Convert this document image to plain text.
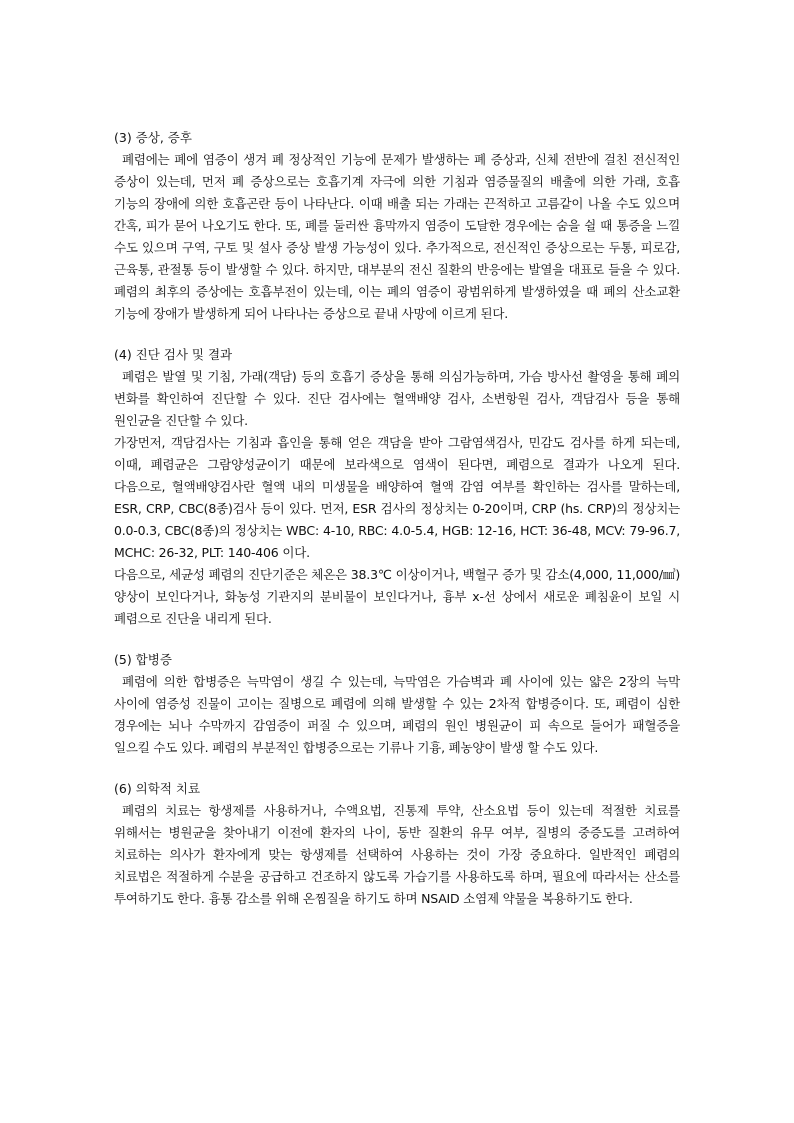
(3) 증상, 증후

폐렴에는 폐에 염증이 생겨 폐 정상적인 기능에 문제가 발생하는 폐 증상과, 신체 전반에 걸친 전신적인 증상이 있는데, 먼저 폐 증상으로는 호흡기계 자극에 의한 기침과 염증물질의 배출에 의한 가래, 호흡 기능의 장애에 의한 호흡곤란 등이 나타난다. 이때 배출 되는 가래는 끈적하고 고름같이 나올 수도 있으며 간혹, 피가 묻어 나오기도 한다. 또, 폐를 둘러싼 흉막까지 염증이 도달한 경우에는 숨을 쉴 때 통증을 느낄 수도 있으며 구역, 구토 및 설사 증상 발생 가능성이 있다. 추가적으로, 전신적인 증상으로는 두통, 피로감, 근육통, 관절통 등이 발생할 수 있다. 하지만, 대부분의 전신 질환의 반응에는 발열을 대표로 들을 수 있다. 폐렴의 최후의 증상에는 호흡부전이 있는데, 이는 폐의 염증이 광범위하게 발생하였을 때 폐의 산소교환 기능에 장애가 발생하게 되어 나타나는 증상으로 끝내 사망에 이르게 된다.

(4) 진단 검사 및 결과

폐렴은 발열 및 기침, 가래(객담) 등의 호흡기 증상을 통해 의심가능하며, 가슴 방사선 촬영을 통해 폐의 변화를 확인하여 진단할 수 있다. 진단 검사에는 혈액배양 검사, 소변항원 검사, 객담검사 등을 통해 원인균을 진단할 수 있다.

가장먼저, 객담검사는 기침과 흡인을 통해 얻은 객담을 받아 그람염색검사, 민감도 검사를 하게 되는데, 이때, 폐렴균은 그람양성균이기 때문에 보라색으로 염색이 된다면, 폐렴으로 결과가 나오게 된다. 다음으로, 혈액배양검사란 혈액 내의 미생물을 배양하여 혈액 감염 여부를 확인하는 검사를 말하는데, ESR, CRP, CBC(8종)검사 등이 있다. 먼저, ESR 검사의 정상치는 0-20이며, CRP (hs. CRP)의 정상치는 0.0-0.3, CBC(8종)의 정상치는 WBC: 4-10, RBC: 4.0-5.4, HGB: 12-16, HCT: 36-48, MCV: 79-96.7, MCHC: 26-32, PLT: 140-406 이다.

다음으로, 세균성 폐렴의 진단기준은 체온은 38.3℃ 이상이거나, 백혈구 증가 및 감소(4,000, 11,000/㎣) 양상이 보인다거나, 화농성 기관지의 분비물이 보인다거나, 흉부 x-선 상에서 새로운 폐침윤이 보일 시 폐렴으로 진단을 내리게 된다.

(5) 합병증

폐렴에 의한 합병증은 늑막염이 생길 수 있는데, 늑막염은 가슴벽과 폐 사이에 있는 얇은 2장의 늑막 사이에 염증성 진물이 고이는 질병으로 폐렴에 의해 발생할 수 있는 2차적 합병증이다. 또, 폐렴이 심한 경우에는 뇌나 수막까지 감염증이 퍼질 수 있으며, 폐렴의 원인 병원균이 피 속으로 들어가 패혈증을 일으킬 수도 있다. 폐렴의 부분적인 합병증으로는 기류나 기흉, 폐농양이 발생 할 수도 있다.

(6) 의학적 치료

폐렴의 치료는 항생제를 사용하거나, 수액요법, 진통제 투약, 산소요법 등이 있는데 적절한 치료를 위해서는 병원균을 찾아내기 이전에 환자의 나이, 동반 질환의 유무 여부, 질병의 중증도를 고려하여 치료하는 의사가 환자에게 맞는 항생제를 선택하여 사용하는 것이 가장 중요하다. 일반적인 폐렴의 치료법은 적절하게 수분을 공급하고 건조하지 않도록 가습기를 사용하도록 하며, 필요에 따라서는 산소를 투여하기도 한다. 흉통 감소를 위해 온찜질을 하기도 하며 NSAID 소염제 약물을 복용하기도 한다.
